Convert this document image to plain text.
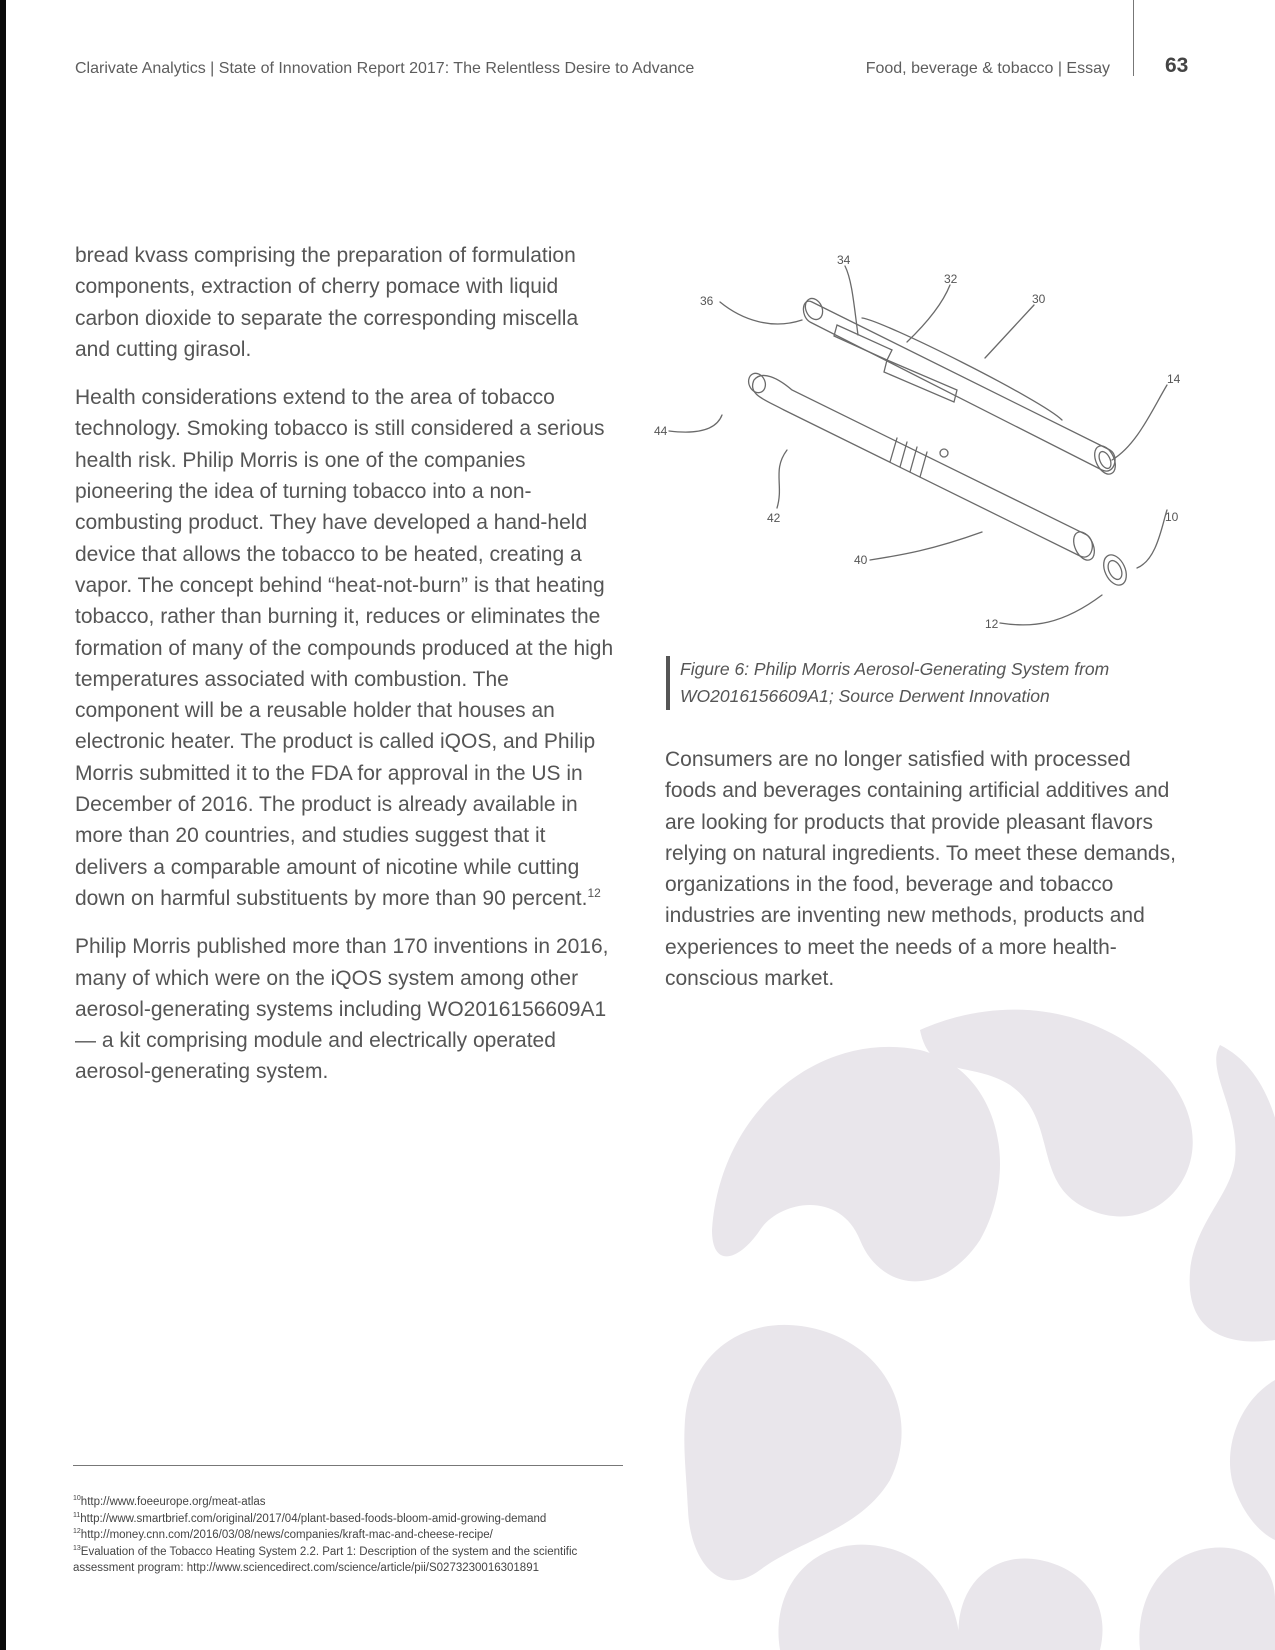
Clarivate Analytics | State of Innovation Report 2017: The Relentless Desire to Advance	Food, beverage & tobacco | Essay	63

bread kvass comprising the preparation of formulation components, extraction of cherry pomace with liquid carbon dioxide to separate the corresponding miscella and cutting girasol.

Health considerations extend to the area of tobacco technology. Smoking tobacco is still considered a serious health risk. Philip Morris is one of the companies pioneering the idea of turning tobacco into a non-combusting product. They have developed a hand-held device that allows the tobacco to be heated, creating a vapor. The concept behind “heat-not-burn” is that heating tobacco, rather than burning it, reduces or eliminates the formation of many of the compounds produced at the high temperatures associated with combustion. The component will be a reusable holder that houses an electronic heater. The product is called iQOS, and Philip Morris submitted it to the FDA for approval in the US in December of 2016. The product is already available in more than 20 countries, and studies suggest that it delivers a comparable amount of nicotine while cutting down on harmful substituents by more than 90 percent.$^{12}$

Philip Morris published more than 170 inventions in 2016, many of which were on the iQOS system among other aerosol-generating systems including WO2016156609A1 — a kit comprising module and electrically operated aerosol-generating system.

34
32
30
36
14
44
42	10
40
12
Figure 6: Philip Morris Aerosol-Generating System from WO2016156609A1; Source Derwent Innovation

Consumers are no longer satisfied with processed foods and beverages containing artificial additives and are looking for products that provide pleasant flavors relying on natural ingredients. To meet these demands, organizations in the food, beverage and tobacco industries are inventing new methods, products and experiences to meet the needs of a more health-conscious market.

$^{10}$http://www.foeeurope.org/meat-atlas
$^{11}$http://www.smartbrief.com/original/2017/04/plant-based-foods-bloom-amid-growing-demand
$^{12}$http://money.cnn.com/2016/03/08/news/companies/kraft-mac-and-cheese-recipe/
$^{13}$Evaluation of the Tobacco Heating System 2.2. Part 1: Description of the system and the scientific assessment program: http://www.sciencedirect.com/science/article/pii/S0273230016301891
